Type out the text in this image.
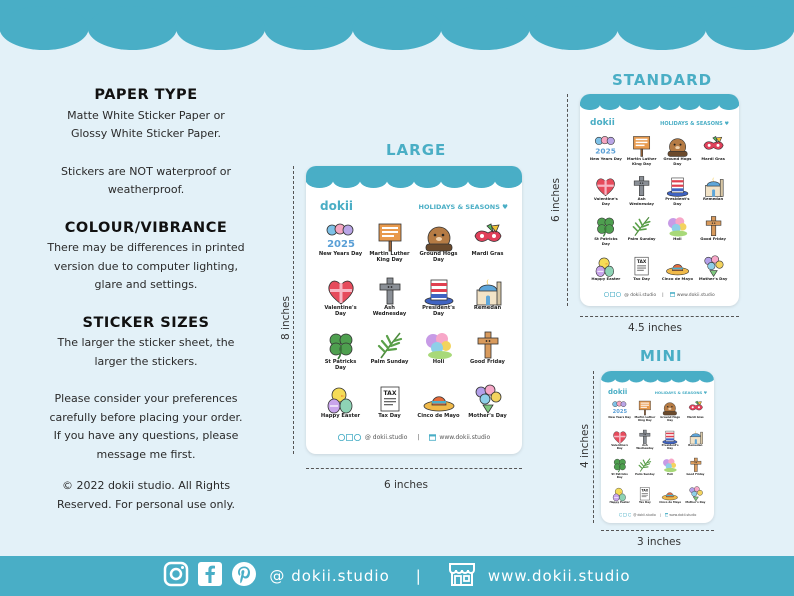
PAPER TYPE

Matte White Sticker Paper or

Glossy White Sticker Paper.

Stickers are NOT waterproof or

weatherproof.

COLOUR/VIBRANCE

There may be differences in printed

version due to computer lighting,

glare and settings.

STICKER SIZES

The larger the sticker sheet, the

larger the stickers.

Please consider your preferences

carefully before placing your order.

If you have any questions, please

message me first.

© 2022 dokii studio. All Rights

Reserved. For personal use only.

LARGE
STANDARD
MINI
dokii	HOLIDAYS & SEASONS ♥
2025
New Years Day	Martin Luther King Day
Ground Hogs Day
Mardi Gras
Valentine's Day
Ash Wednesday
President's Day
Remedan
St Patricks Day
Palm Sunday	Holi	Good Friday
Happy Easter
TAX
Tax Day	Cinco de Mayo Mother's Day
@ dokii.studio |	www.dokii.studio
8 inches
6 inches
dokii	HOLIDAYS & SEASONS ♥
2025
New Years Day	Martin Luther King Day
Ground Hogs Day
Mardi Gras
Valentine's Day
Ash Wednesday
President's Day
Remedan
St Patricks Day
Palm Sunday	Holi	Good Friday
Happy Easter
TAX
Tax Day	Cinco de Mayo Mother's Day
@ dokii.studio |	www.dokii.studio
6 inches
4.5 inches
dokii	HOLIDAYS & SEASONS ♥
2025
New Years Day	Martin Luther King Day
Ground Hogs Day
Mardi Gras
Valentine's Day
Ash Wednesday
President's Day
Remedan
St Patricks Day
Palm Sunday	Holi	Good Friday
Happy Easter
TAX
Tax Day	Cinco de Mayo Mother's Day
@ dokii.studio |	www.dokii.studio
4 inches
3 inches
@ dokii.studio |	www.dokii.studio
